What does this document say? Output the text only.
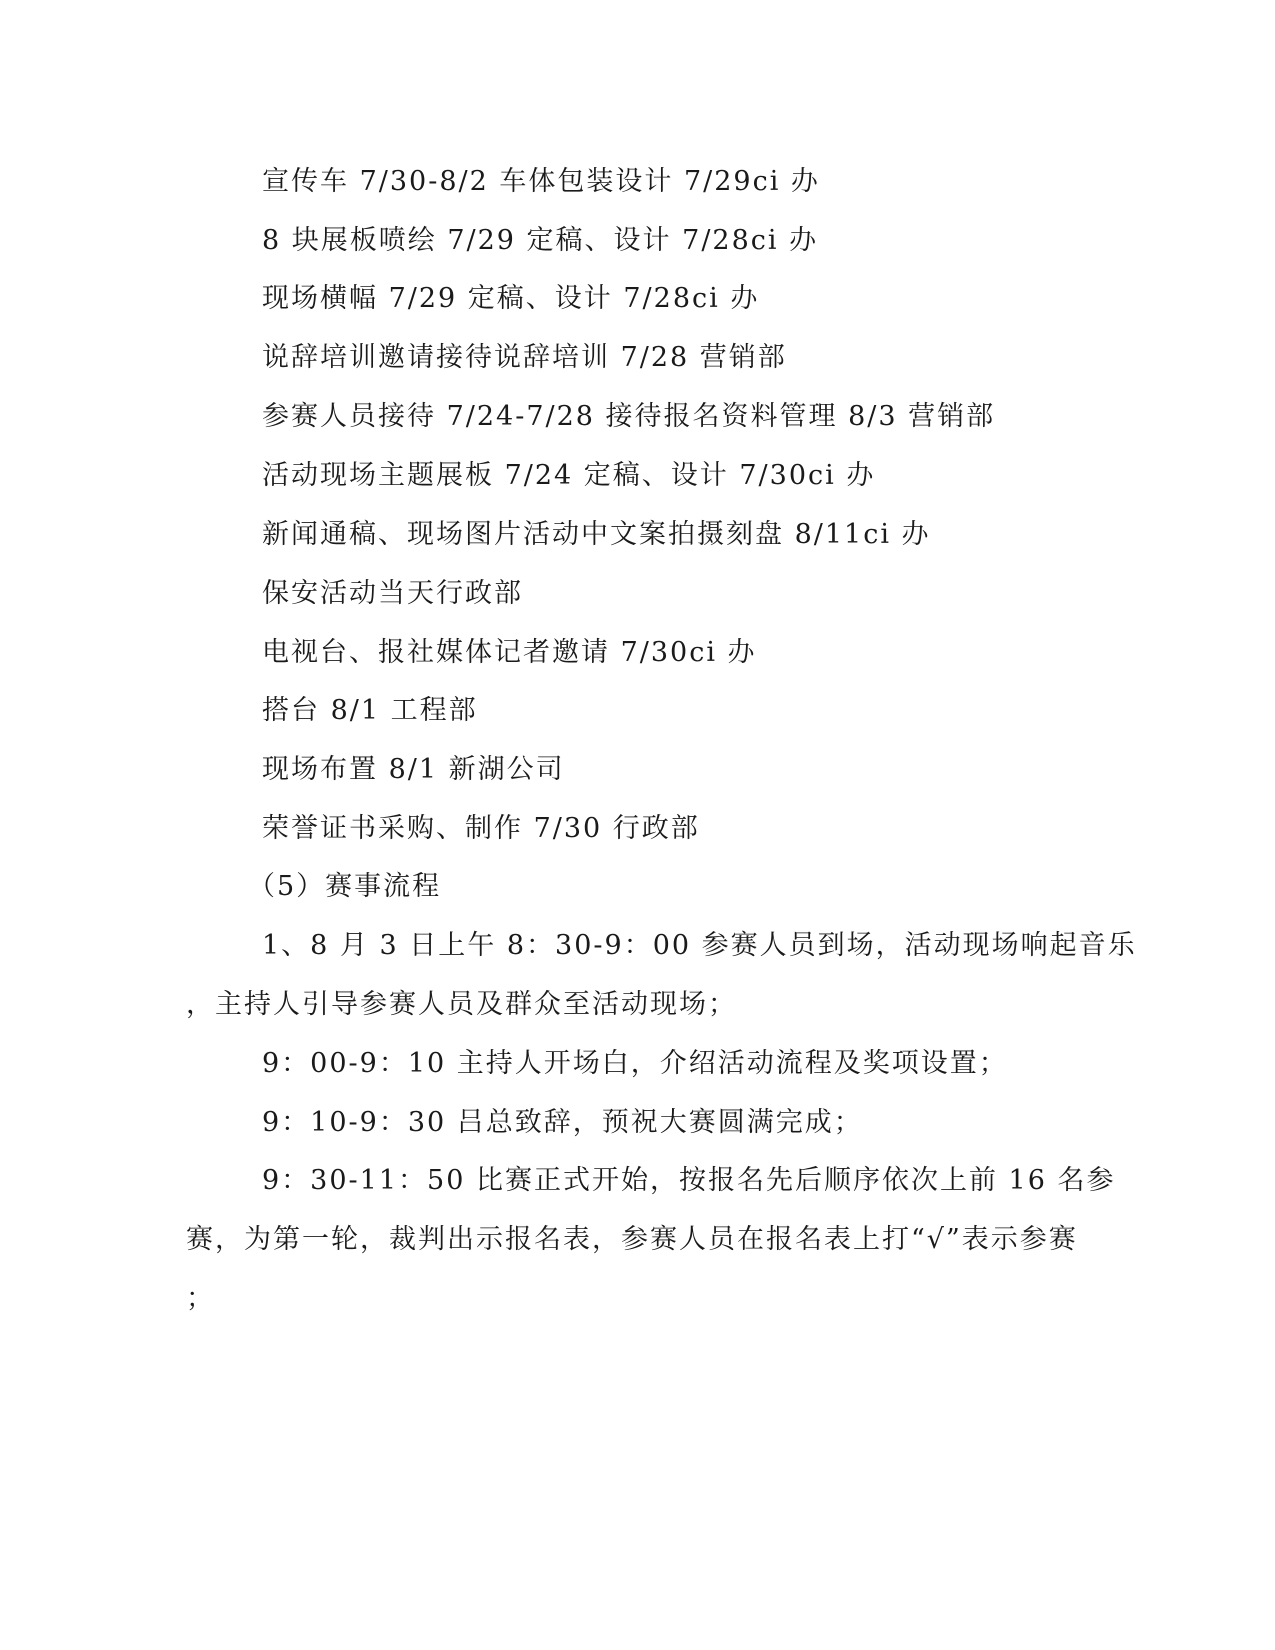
宣传车 7/30-8/2 车体包装设计 7/29ci 办
8 块展板喷绘 7/29 定稿、设计 7/28ci 办
现场横幅 7/29 定稿、设计 7/28ci 办
说辞培训邀请接待说辞培训 7/28 营销部
参赛人员接待 7/24-7/28 接待报名资料管理 8/3 营销部
活动现场主题展板 7/24 定稿、设计 7/30ci 办
新闻通稿、现场图片活动中文案拍摄刻盘 8/11ci 办
保安活动当天行政部
电视台、报社媒体记者邀请 7/30ci 办
搭台 8/1 工程部
现场布置 8/1 新湖公司
荣誉证书采购、制作 7/30 行政部
（5）赛事流程
1、8 月 3 日上午 8：30-9：00 参赛人员到场，活动现场响起音乐
，主持人引导参赛人员及群众至活动现场；
9：00-9：10 主持人开场白，介绍活动流程及奖项设置；
9：10-9：30 吕总致辞，预祝大赛圆满完成；
9：30-11：50 比赛正式开始，按报名先后顺序依次上前 16 名参
赛，为第一轮，裁判出示报名表，参赛人员在报名表上打“√”表示参赛
；
